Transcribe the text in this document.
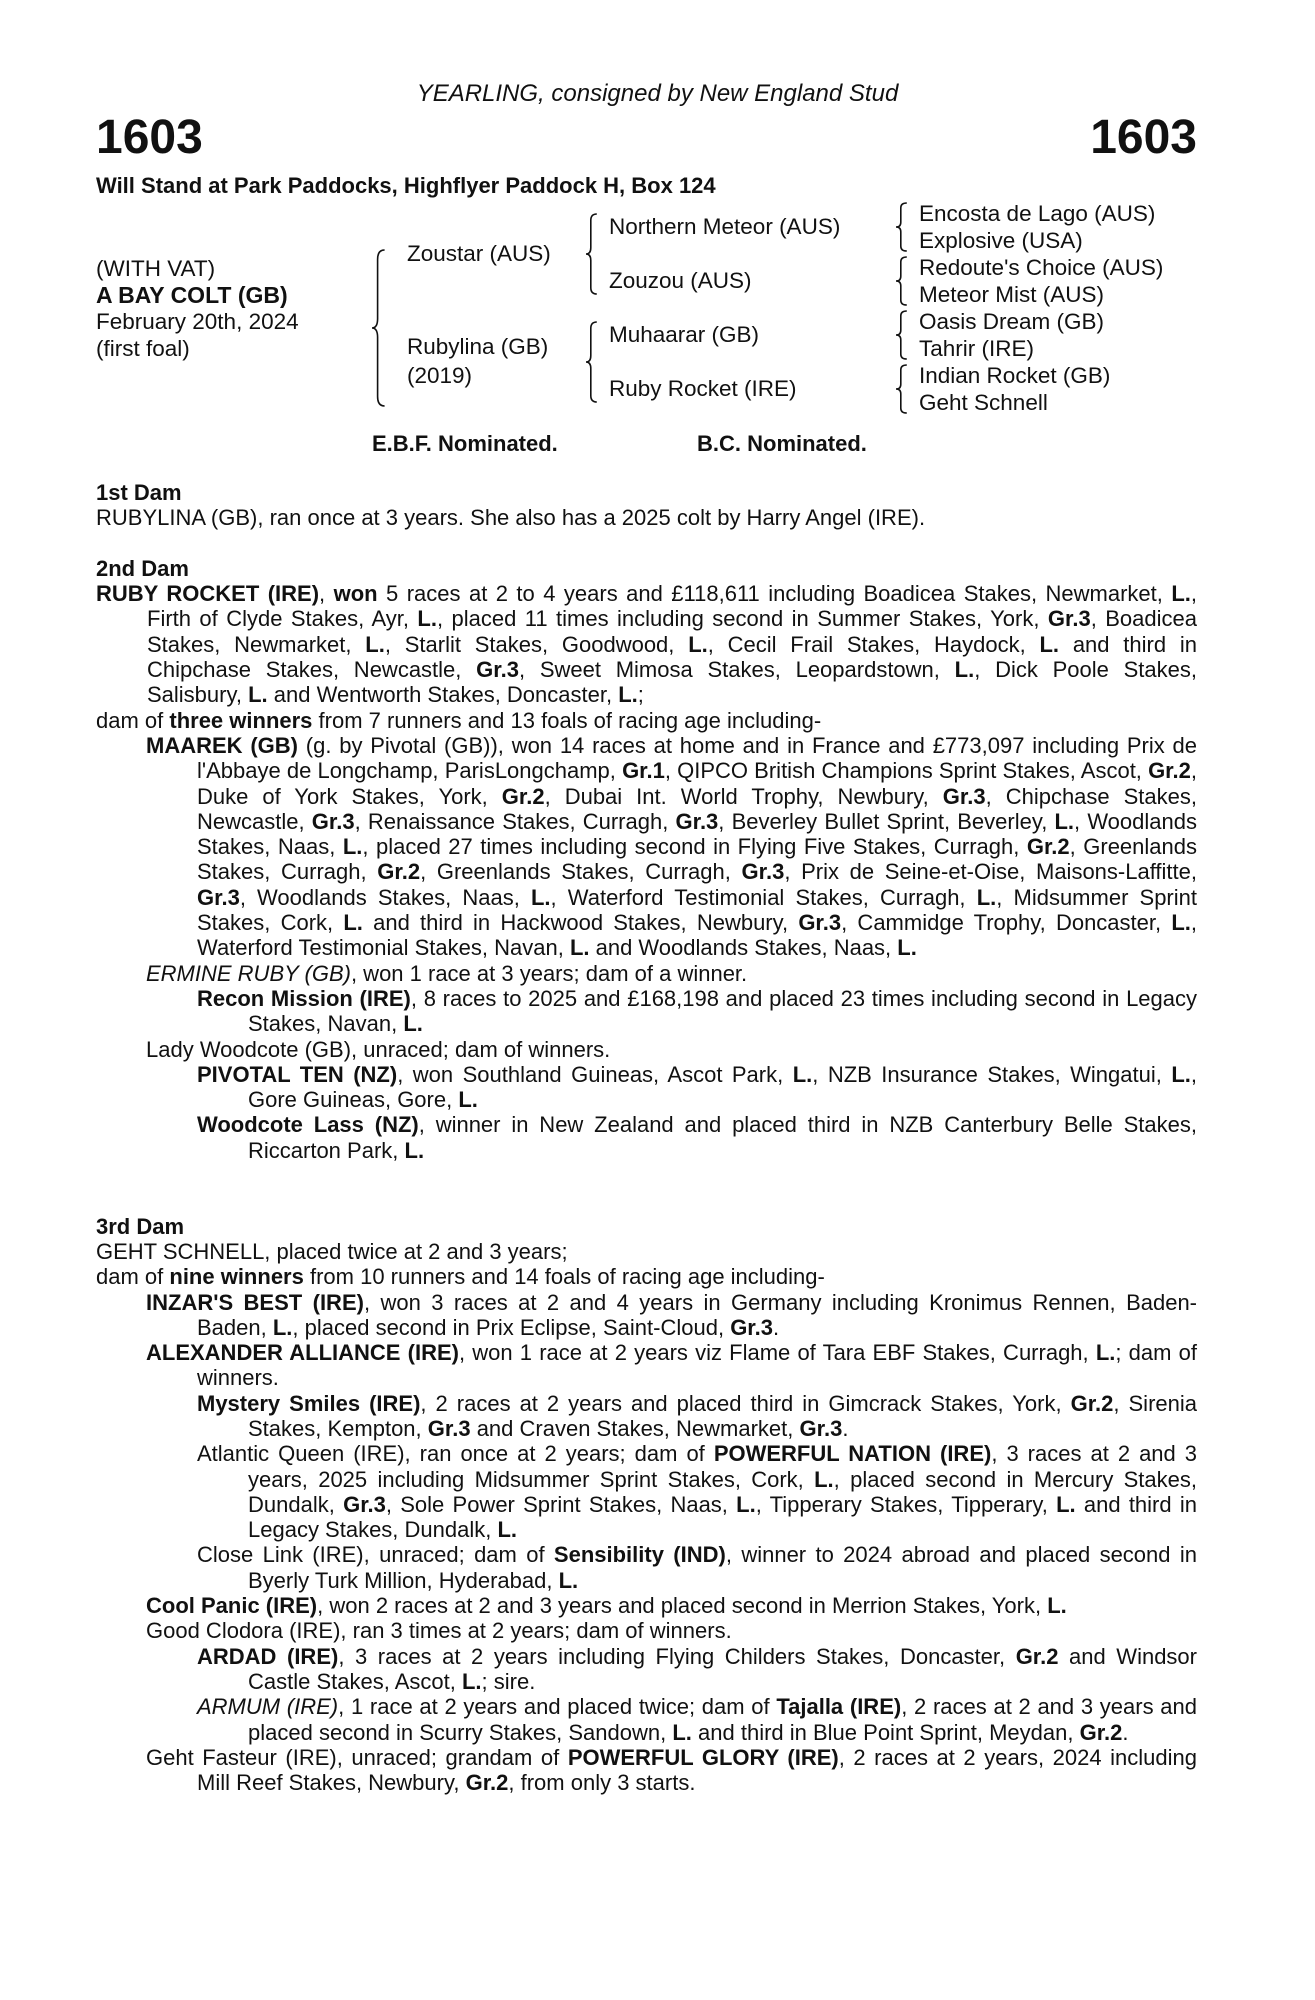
YEARLING, consigned by New England Stud
1603	1603
Will Stand at Park Paddocks, Highflyer Paddock H, Box 124
(WITH VAT)
A BAY COLT (GB)
February 20th, 2024
(first foal)
Zoustar (AUS)
Rubylina (GB)
(2019)
Northern Meteor (AUS)
Zouzou (AUS)
Muhaarar (GB)
Ruby Rocket (IRE)
Encosta de Lago (AUS)
Explosive (USA)
Redoute's Choice (AUS)
Meteor Mist (AUS)
Oasis Dream (GB)
Tahrir (IRE)
Indian Rocket (GB)
Geht Schnell
E.B.F. Nominated.	B.C. Nominated.
1st Dam
RUBYLINA (GB), ran once at 3 years. She also has a 2025 colt by Harry Angel (IRE).
2nd Dam
RUBY ROCKET (IRE), won 5 races at 2 to 4 years and £118,611 including Boadicea Stakes, Newmarket, L., Firth of Clyde Stakes, Ayr, L., placed 11 times including second in Summer Stakes, York, Gr.3, Boadicea Stakes, Newmarket, L., Starlit Stakes, Goodwood, L., Cecil Frail Stakes, Haydock, L. and third in Chipchase Stakes, Newcastle, Gr.3, Sweet Mimosa Stakes, Leopardstown, L., Dick Poole Stakes, Salisbury, L. and Wentworth Stakes, Doncaster, L.;
dam of three winners from 7 runners and 13 foals of racing age including-
MAAREK (GB) (g. by Pivotal (GB)), won 14 races at home and in France and £773,097 including Prix de l'Abbaye de Longchamp, ParisLongchamp, Gr.1, QIPCO British Champions Sprint Stakes, Ascot, Gr.2, Duke of York Stakes, York, Gr.2, Dubai Int. World Trophy, Newbury, Gr.3, Chipchase Stakes, Newcastle, Gr.3, Renaissance Stakes, Curragh, Gr.3, Beverley Bullet Sprint, Beverley, L., Woodlands Stakes, Naas, L., placed 27 times including second in Flying Five Stakes, Curragh, Gr.2, Greenlands Stakes, Curragh, Gr.2, Greenlands Stakes, Curragh, Gr.3, Prix de Seine-et-Oise, Maisons-Laffitte, Gr.3, Woodlands Stakes, Naas, L., Waterford Testimonial Stakes, Curragh, L., Midsummer Sprint Stakes, Cork, L. and third in Hackwood Stakes, Newbury, Gr.3, Cammidge Trophy, Doncaster, L., Waterford Testimonial Stakes, Navan, L. and Woodlands Stakes, Naas, L.
ERMINE RUBY (GB), won 1 race at 3 years; dam of a winner.
Recon Mission (IRE), 8 races to 2025 and £168,198 and placed 23 times including second in Legacy Stakes, Navan, L.
Lady Woodcote (GB), unraced; dam of winners.
PIVOTAL TEN (NZ), won Southland Guineas, Ascot Park, L., NZB Insurance Stakes, Wingatui, L., Gore Guineas, Gore, L.
Woodcote Lass (NZ), winner in New Zealand and placed third in NZB Canterbury Belle Stakes, Riccarton Park, L.
3rd Dam
GEHT SCHNELL, placed twice at 2 and 3 years;
dam of nine winners from 10 runners and 14 foals of racing age including-
INZAR'S BEST (IRE), won 3 races at 2 and 4 years in Germany including Kronimus Rennen, Baden-Baden, L., placed second in Prix Eclipse, Saint-Cloud, Gr.3.
ALEXANDER ALLIANCE (IRE), won 1 race at 2 years viz Flame of Tara EBF Stakes, Curragh, L.; dam of winners.
Mystery Smiles (IRE), 2 races at 2 years and placed third in Gimcrack Stakes, York, Gr.2, Sirenia Stakes, Kempton, Gr.3 and Craven Stakes, Newmarket, Gr.3.
Atlantic Queen (IRE), ran once at 2 years; dam of POWERFUL NATION (IRE), 3 races at 2 and 3 years, 2025 including Midsummer Sprint Stakes, Cork, L., placed second in Mercury Stakes, Dundalk, Gr.3, Sole Power Sprint Stakes, Naas, L., Tipperary Stakes, Tipperary, L. and third in Legacy Stakes, Dundalk, L.
Close Link (IRE), unraced; dam of Sensibility (IND), winner to 2024 abroad and placed second in Byerly Turk Million, Hyderabad, L.
Cool Panic (IRE), won 2 races at 2 and 3 years and placed second in Merrion Stakes, York, L.
Good Clodora (IRE), ran 3 times at 2 years; dam of winners.
ARDAD (IRE), 3 races at 2 years including Flying Childers Stakes, Doncaster, Gr.2 and Windsor Castle Stakes, Ascot, L.; sire.
ARMUM (IRE), 1 race at 2 years and placed twice; dam of Tajalla (IRE), 2 races at 2 and 3 years and placed second in Scurry Stakes, Sandown, L. and third in Blue Point Sprint, Meydan, Gr.2.
Geht Fasteur (IRE), unraced; grandam of POWERFUL GLORY (IRE), 2 races at 2 years, 2024 including Mill Reef Stakes, Newbury, Gr.2, from only 3 starts.
